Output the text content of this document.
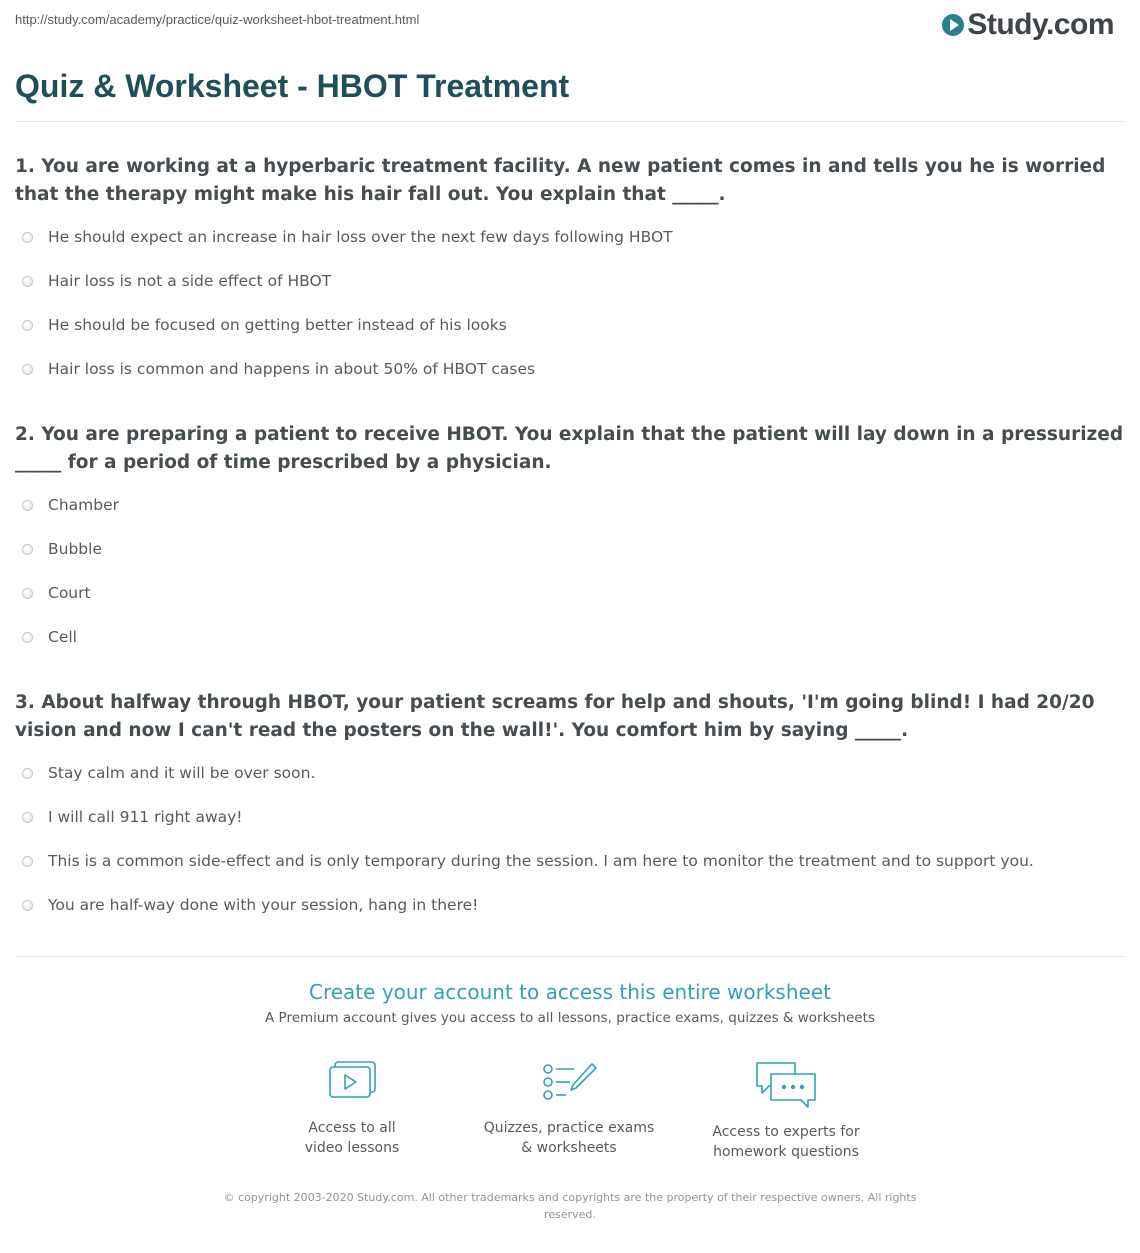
http://study.com/academy/practice/quiz-worksheet-hbot-treatment.html	Study.com
Quiz & Worksheet - HBOT Treatment

1. You are working at a hyperbaric treatment facility. A new patient comes in and tells you he is worried that the therapy might make his hair fall out. You explain that _____.

He should expect an increase in hair loss over the next few days following HBOT
Hair loss is not a side effect of HBOT
He should be focused on getting better instead of his looks
Hair loss is common and happens in about 50% of HBOT cases

2. You are preparing a patient to receive HBOT. You explain that the patient will lay down in a pressurized _____ for a period of time prescribed by a physician.

Chamber
Bubble
Court
Cell

3. About halfway through HBOT, your patient screams for help and shouts, 'I'm going blind! I had 20/20 vision and now I can't read the posters on the wall!'. You comfort him by saying _____.

Stay calm and it will be over soon.
I will call 911 right away!
This is a common side-effect and is only temporary during the session. I am here to monitor the treatment and to support you.
You are half-way done with your session, hang in there!
Create your account to access this entire worksheet
A Premium account gives you access to all lessons, practice exams, quizzes & worksheets
Access to all
video lessons
Quizzes, practice exams
& worksheets
Access to experts for
homework questions
© copyright 2003-2020 Study.com. All other trademarks and copyrights are the property of their respective owners. All rights reserved.
